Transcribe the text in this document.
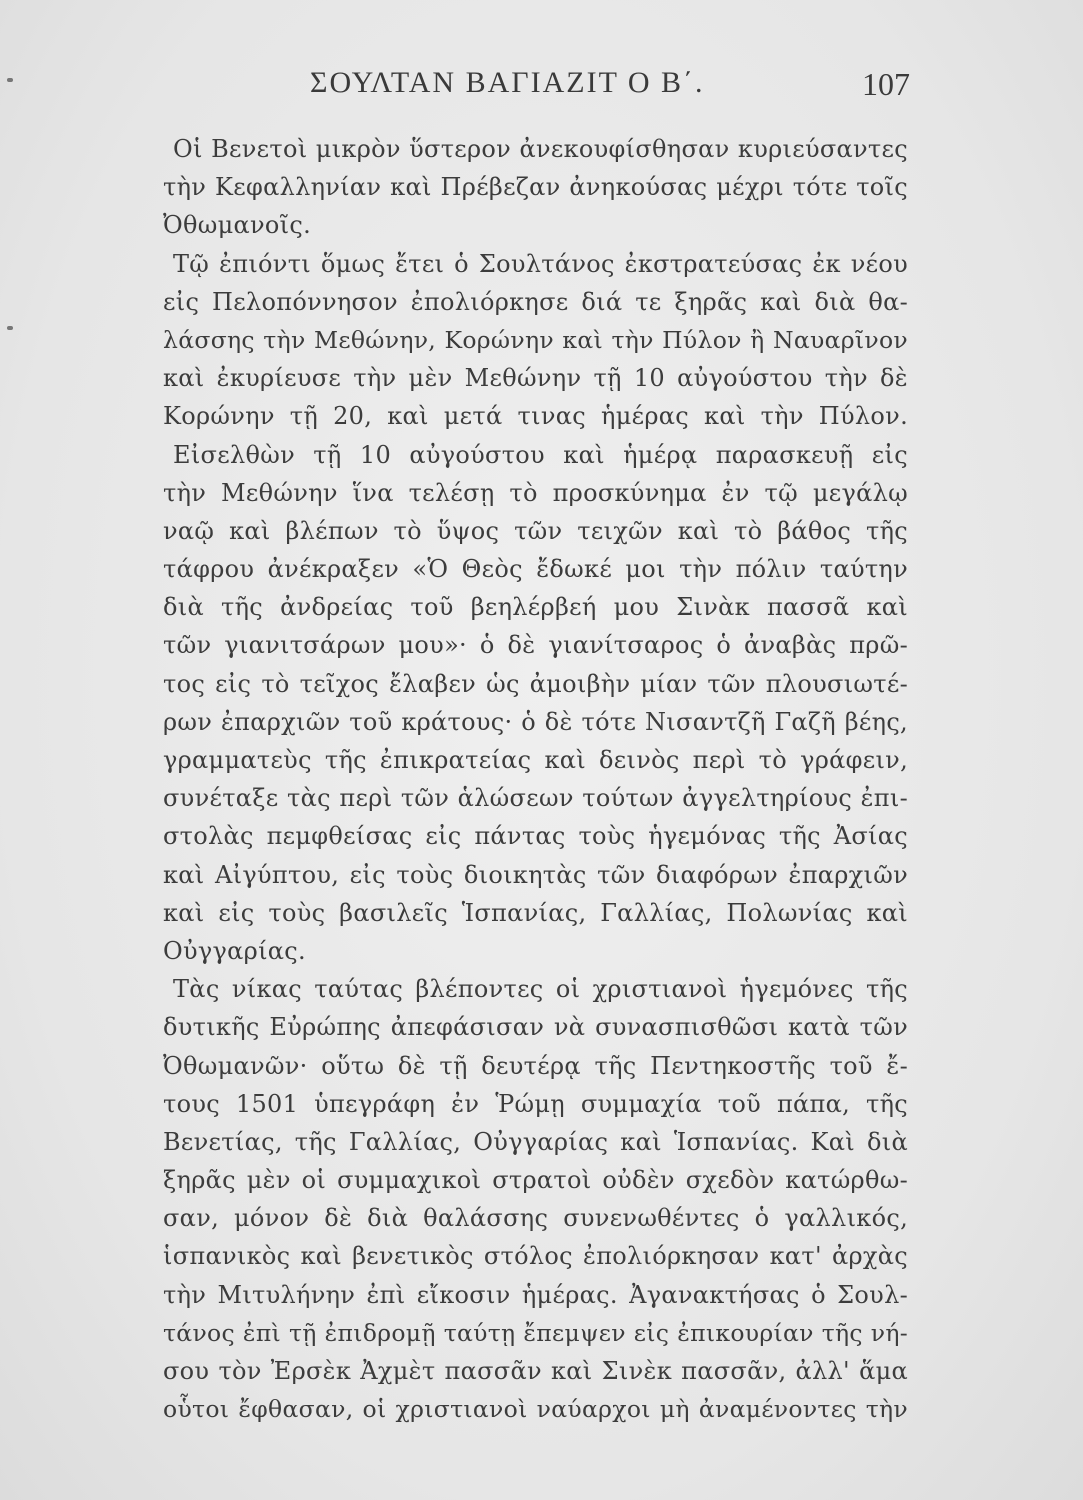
ΣΟΥΛΤΑΝ ΒΑΓΙΑΖΙΤ Ο Β΄.	107
Οἱ Βενετοὶ μικρὸν ὕστερον ἀνεκουφίσθησαν κυριεύσαντες
τὴν Κεφαλληνίαν καὶ Πρέβεζαν ἀνηκούσας μέχρι τότε τοῖς
Ὀθωμανοῖς.
Τῷ ἐπιόντι ὅμως ἔτει ὁ Σουλτάνος ἐκστρατεύσας ἐκ νέου
εἰς Πελοπόννησον ἐπολιόρκησε διά τε ξηρᾶς καὶ διὰ θα-
λάσσης τὴν Μεθώνην, Κορώνην καὶ τὴν Πύλον ἢ Ναυαρῖνον
καὶ ἐκυρίευσε τὴν μὲν Μεθώνην τῇ 10 αὐγούστου τὴν δὲ
Κορώνην τῇ 20, καὶ μετά τινας ἡμέρας καὶ τὴν Πύλον.
Εἰσελθὼν τῇ 10 αὐγούστου καὶ ἡμέρᾳ παρασκευῇ εἰς
τὴν Μεθώνην ἵνα τελέσῃ τὸ προσκύνημα ἐν τῷ μεγάλῳ
ναῷ καὶ βλέπων τὸ ὕψος τῶν τειχῶν καὶ τὸ βάθος τῆς
τάφρου ἀνέκραξεν «Ὁ Θεὸς ἔδωκέ μοι τὴν πόλιν ταύτην
διὰ τῆς ἀνδρείας τοῦ βεηλέρβεή μου Σινὰκ πασσᾶ καὶ
τῶν γιανιτσάρων μου»· ὁ δὲ γιανίτσαρος ὁ ἀναβὰς πρῶ-
τος εἰς τὸ τεῖχος ἔλαβεν ὡς ἀμοιβὴν μίαν τῶν πλουσιωτέ-
ρων ἐπαρχιῶν τοῦ κράτους· ὁ δὲ τότε Νισαντζῆ Γαζῆ βέης,
γραμματεὺς τῆς ἐπικρατείας καὶ δεινὸς περὶ τὸ γράφειν,
συνέταξε τὰς περὶ τῶν ἁλώσεων τούτων ἀγγελτηρίους ἐπι-
στολὰς πεμφθείσας εἰς πάντας τοὺς ἡγεμόνας τῆς Ἀσίας
καὶ Αἰγύπτου, εἰς τοὺς διοικητὰς τῶν διαφόρων ἐπαρχιῶν
καὶ εἰς τοὺς βασιλεῖς Ἱσπανίας, Γαλλίας, Πολωνίας καὶ
Οὐγγαρίας.
Τὰς νίκας ταύτας βλέποντες οἱ χριστιανοὶ ἡγεμόνες τῆς
δυτικῆς Εὐρώπης ἀπεφάσισαν νὰ συνασπισθῶσι κατὰ τῶν
Ὀθωμανῶν· οὕτω δὲ τῇ δευτέρᾳ τῆς Πεντηκοστῆς τοῦ ἔ-
τους 1501 ὑπεγράφη ἐν Ῥώμῃ συμμαχία τοῦ πάπα, τῆς
Βενετίας, τῆς Γαλλίας, Οὐγγαρίας καὶ Ἱσπανίας. Καὶ διὰ
ξηρᾶς μὲν οἱ συμμαχικοὶ στρατοὶ οὐδὲν σχεδὸν κατώρθω-
σαν, μόνον δὲ διὰ θαλάσσης συνενωθέντες ὁ γαλλικός,
ἱσπανικὸς καὶ βενετικὸς στόλος ἐπολιόρκησαν κατ' ἀρχὰς
τὴν Μιτυλήνην ἐπὶ εἴκοσιν ἡμέρας. Ἀγανακτήσας ὁ Σουλ-
τάνος ἐπὶ τῇ ἐπιδρομῇ ταύτῃ ἔπεμψεν εἰς ἐπικουρίαν τῆς νή-
σου τὸν Ἐρσὲκ Ἀχμὲτ πασσᾶν καὶ Σινὲκ πασσᾶν, ἀλλ' ἅμα
οὗτοι ἔφθασαν, οἱ χριστιανοὶ ναύαρχοι μὴ ἀναμένοντες τὴν
